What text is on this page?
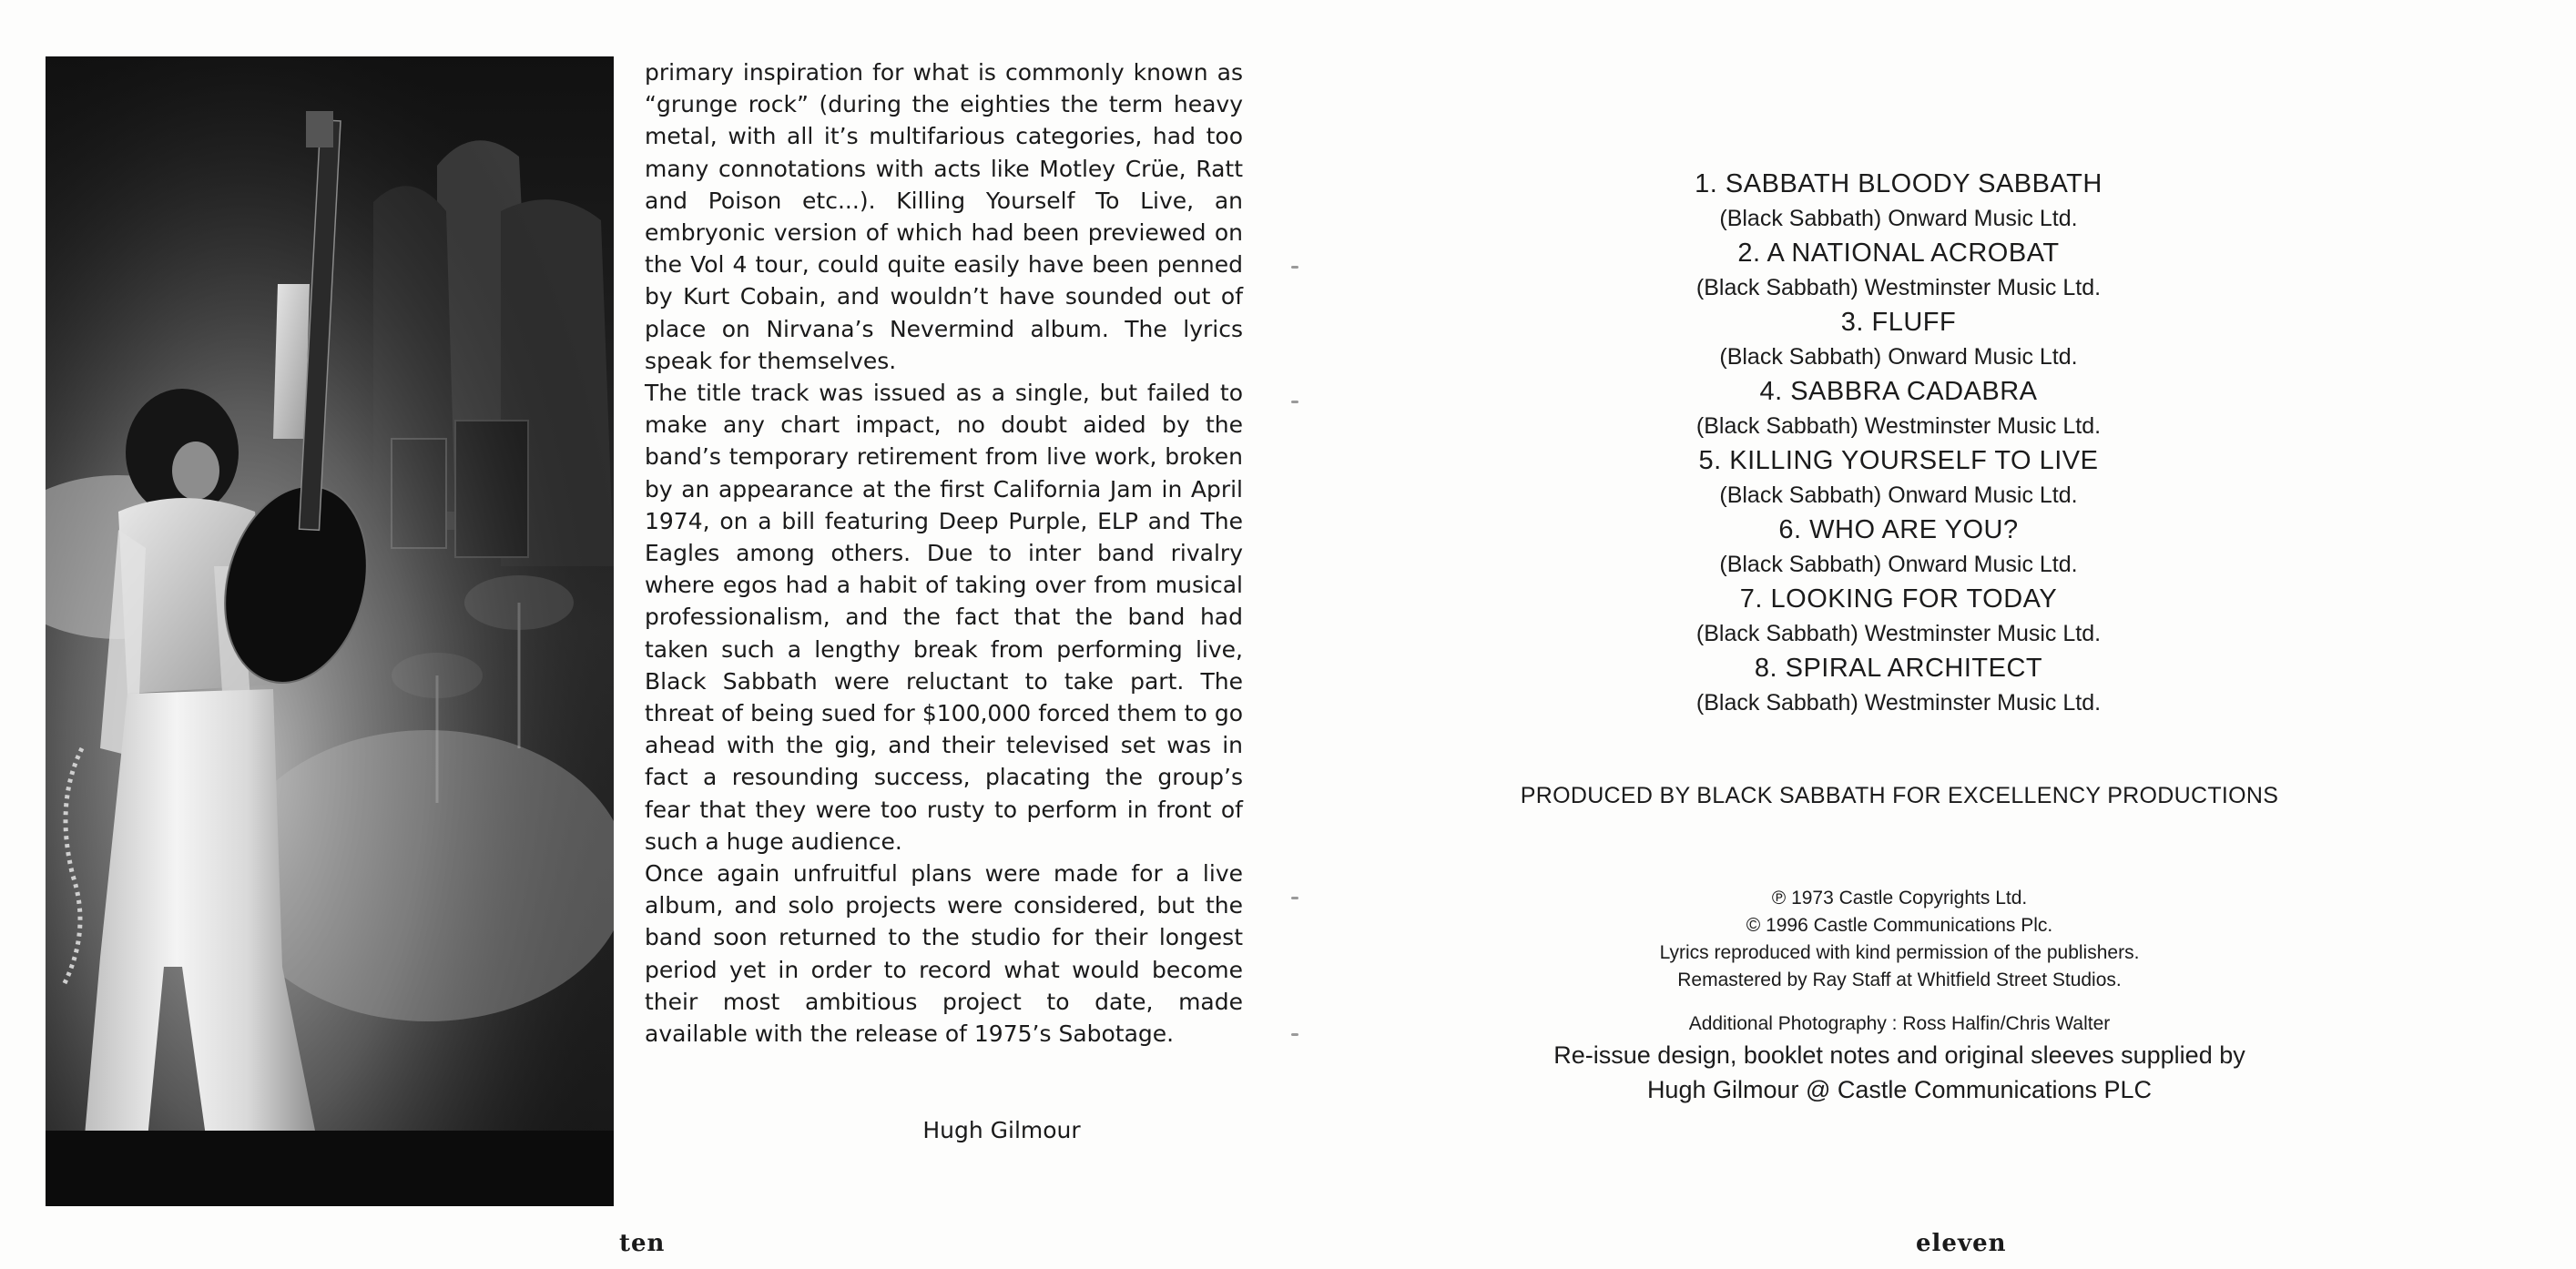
primary inspiration for what is commonly known as “grunge rock” (during the eighties the term heavy metal, with all it’s multifarious categories, had too many connotations with acts like Motley Crüe, Ratt and Poison etc...). Killing Yourself To Live, an embryonic version of which had been previewed on the Vol 4 tour, could quite easily have been penned by Kurt Cobain, and wouldn’t have sounded out of place on Nirvana’s Nevermind album. The lyrics speak for themselves.

The title track was issued as a single, but failed to make any chart impact, no doubt aided by the band’s temporary retirement from live work, broken by an appearance at the first California Jam in April 1974, on a bill featuring Deep Purple, ELP and The Eagles among others. Due to inter band rivalry where egos had a habit of taking over from musical professionalism, and the fact that the band had taken such a lengthy break from performing live, Black Sabbath were reluctant to take part. The threat of being sued for $100,000 forced them to go ahead with the gig, and their televised set was in fact a resounding success, placating the group’s fear that they were too rusty to perform in front of such a huge audience.

Once again unfruitful plans were made for a live album, and solo projects were considered, but the band soon returned to the studio for their longest period yet in order to record what would become their most ambitious project to date, made available with the release of 1975’s Sabotage.

Hugh Gilmour
ten
1. SABBATH BLOODY SABBATH
(Black Sabbath) Onward Music Ltd.
2. A NATIONAL ACROBAT
(Black Sabbath) Westminster Music Ltd.
3. FLUFF
(Black Sabbath) Onward Music Ltd.
4. SABBRA CADABRA
(Black Sabbath) Westminster Music Ltd.
5. KILLING YOURSELF TO LIVE
(Black Sabbath) Onward Music Ltd.
6. WHO ARE YOU?
(Black Sabbath) Onward Music Ltd.
7. LOOKING FOR TODAY
(Black Sabbath) Westminster Music Ltd.
8. SPIRAL ARCHITECT
(Black Sabbath) Westminster Music Ltd.
PRODUCED BY BLACK SABBATH FOR EXCELLENCY PRODUCTIONS
℗ 1973 Castle Copyrights Ltd.
© 1996 Castle Communications Plc.
Lyrics reproduced with kind permission of the publishers.
Remastered by Ray Staff at Whitfield Street Studios.
Additional Photography : Ross Halfin/Chris Walter
Re-issue design, booklet notes and original sleeves supplied by
Hugh Gilmour @ Castle Communications PLC
eleven
